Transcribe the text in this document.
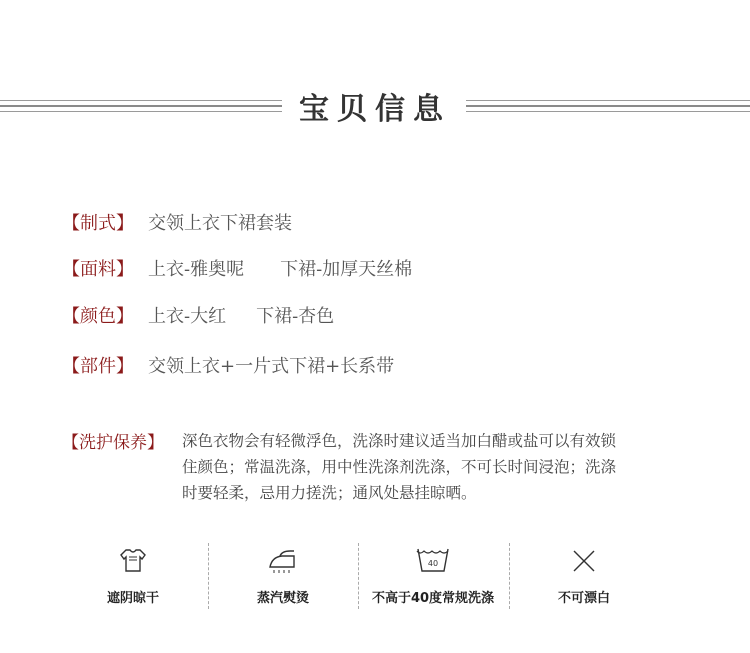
宝贝信息
【制式】 交领上衣下裙套装
【面料】 上衣-雅奥呢 下裙-加厚天丝棉
【颜色】 上衣-大红 下裙-杏色
【部件】 交领上衣+一片式下裙+长系带
【洗护保养】 深色衣物会有轻微浮色，洗涤时建议适当加白醋或盐可以有效锁
住颜色；常温洗涤，用中性洗涤剂洗涤，不可长时间浸泡；洗涤
时要轻柔，忌用力搓洗；通风处悬挂晾晒。
遮阴晾干	蒸汽熨烫
40
不高于40度常规洗涤	不可漂白
